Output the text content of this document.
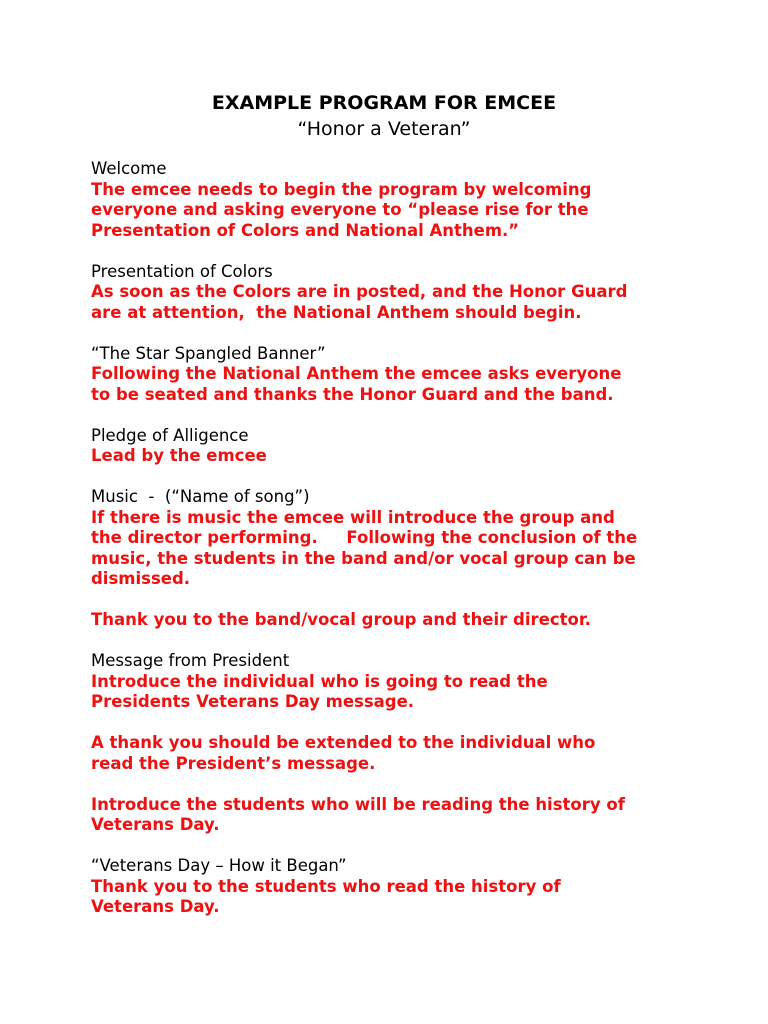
EXAMPLE PROGRAM FOR EMCEE
“Honor a Veteran”
Welcome
The emcee needs to begin the program by welcoming
everyone and asking everyone to “please rise for the
Presentation of Colors and National Anthem.”
Presentation of Colors
As soon as the Colors are in posted, and the Honor Guard
are at attention,  the National Anthem should begin.
“The Star Spangled Banner”
Following the National Anthem the emcee asks everyone
to be seated and thanks the Honor Guard and the band.
Pledge of Alligence
Lead by the emcee
Music  -  (“Name of song”)
If there is music the emcee will introduce the group and
the director performing.     Following the conclusion of the
music, the students in the band and/or vocal group can be
dismissed.
Thank you to the band/vocal group and their director.
Message from President
Introduce the individual who is going to read the
Presidents Veterans Day message.
A thank you should be extended to the individual who
read the President’s message.
Introduce the students who will be reading the history of
Veterans Day.
“Veterans Day – How it Began”
Thank you to the students who read the history of
Veterans Day.
